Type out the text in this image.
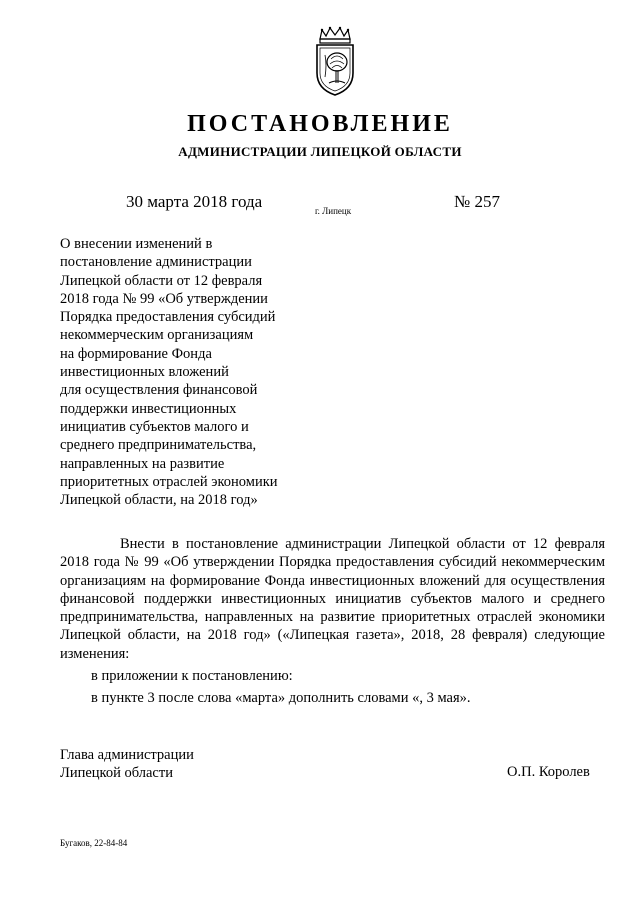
ПОСТАНОВЛЕНИЕ
АДМИНИСТРАЦИИ ЛИПЕЦКОЙ ОБЛАСТИ
30 марта 2018 года	г. Липецк	№ 257
О внесении изменений в
постановление администрации
Липецкой области от 12 февраля
2018 года № 99 «Об утверждении
Порядка предоставления субсидий
некоммерческим организациям
на формирование Фонда
инвестиционных вложений
для осуществления финансовой
поддержки инвестиционных
инициатив субъектов малого и
среднего предпринимательства,
направленных на развитие
приоритетных отраслей экономики
Липецкой области, на 2018 год»

Внести в постановление администрации Липецкой области от 12 февраля 2018 года № 99 «Об утверждении Порядка предоставления субсидий некоммерческим организациям на формирование Фонда инвестиционных вложений для осуществления финансовой поддержки инвестиционных инициатив субъектов малого и среднего предпринимательства, направленных на развитие приоритетных отраслей экономики Липецкой области, на 2018 год» («Липецкая газета», 2018, 28 февраля) следующие изменения:

в приложении к постановлению:
в пункте 3 после слова «марта» дополнить словами «, 3 мая».
Глава администрации
Липецкой области	О.П. Королев
Бугаков, 22-84-84
